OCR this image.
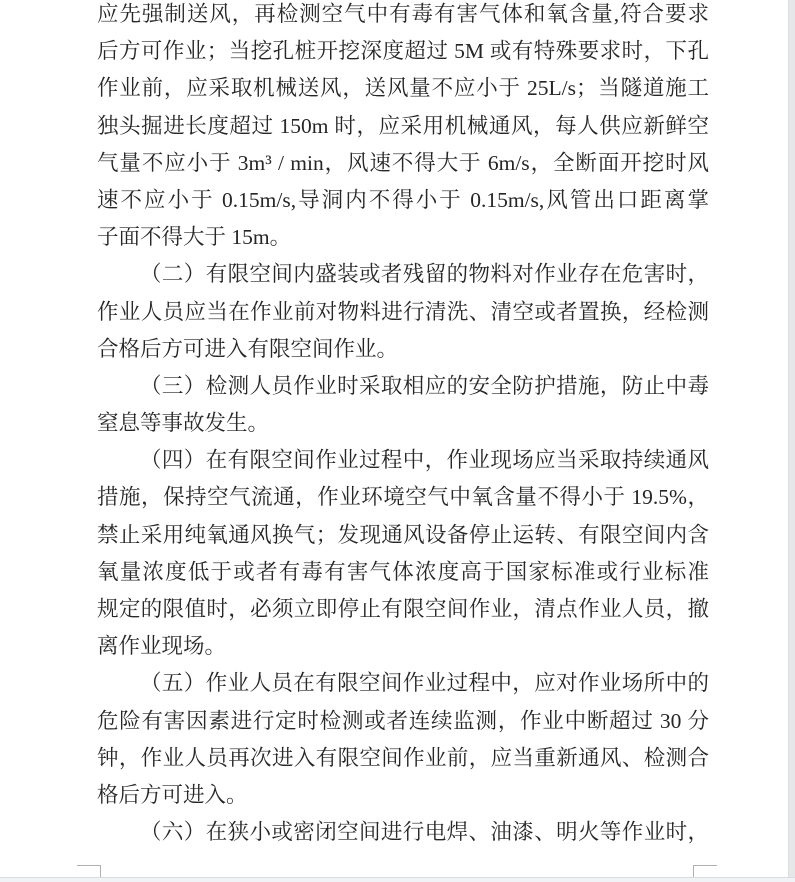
应先强制送风，再检测空气中有毒有害气体和氧含量,符合要求
后方可作业；当挖孔桩开挖深度超过 5M 或有特殊要求时，下孔
作业前，应采取机械送风，送风量不应小于 25L/s；当隧道施工
独头掘进长度超过 150m 时，应采用机械通风，每人供应新鲜空
气量不应小于 3m³ / min，风速不得大于 6m/s，全断面开挖时风
速不应小于 0.15m/s,导洞内不得小于 0.15m/s,风管出口距离掌
子面不得大于 15m。
（二）有限空间内盛装或者残留的物料对作业存在危害时，
作业人员应当在作业前对物料进行清洗、清空或者置换，经检测
合格后方可进入有限空间作业。
（三）检测人员作业时采取相应的安全防护措施，防止中毒
窒息等事故发生。
（四）在有限空间作业过程中，作业现场应当采取持续通风
措施，保持空气流通，作业环境空气中氧含量不得小于 19.5%，
禁止采用纯氧通风换气；发现通风设备停止运转、有限空间内含
氧量浓度低于或者有毒有害气体浓度高于国家标准或行业标准
规定的限值时，必须立即停止有限空间作业，清点作业人员，撤
离作业现场。
（五）作业人员在有限空间作业过程中，应对作业场所中的
危险有害因素进行定时检测或者连续监测，作业中断超过 30 分
钟，作业人员再次进入有限空间作业前，应当重新通风、检测合
格后方可进入。
（六）在狭小或密闭空间进行电焊、油漆、明火等作业时，
